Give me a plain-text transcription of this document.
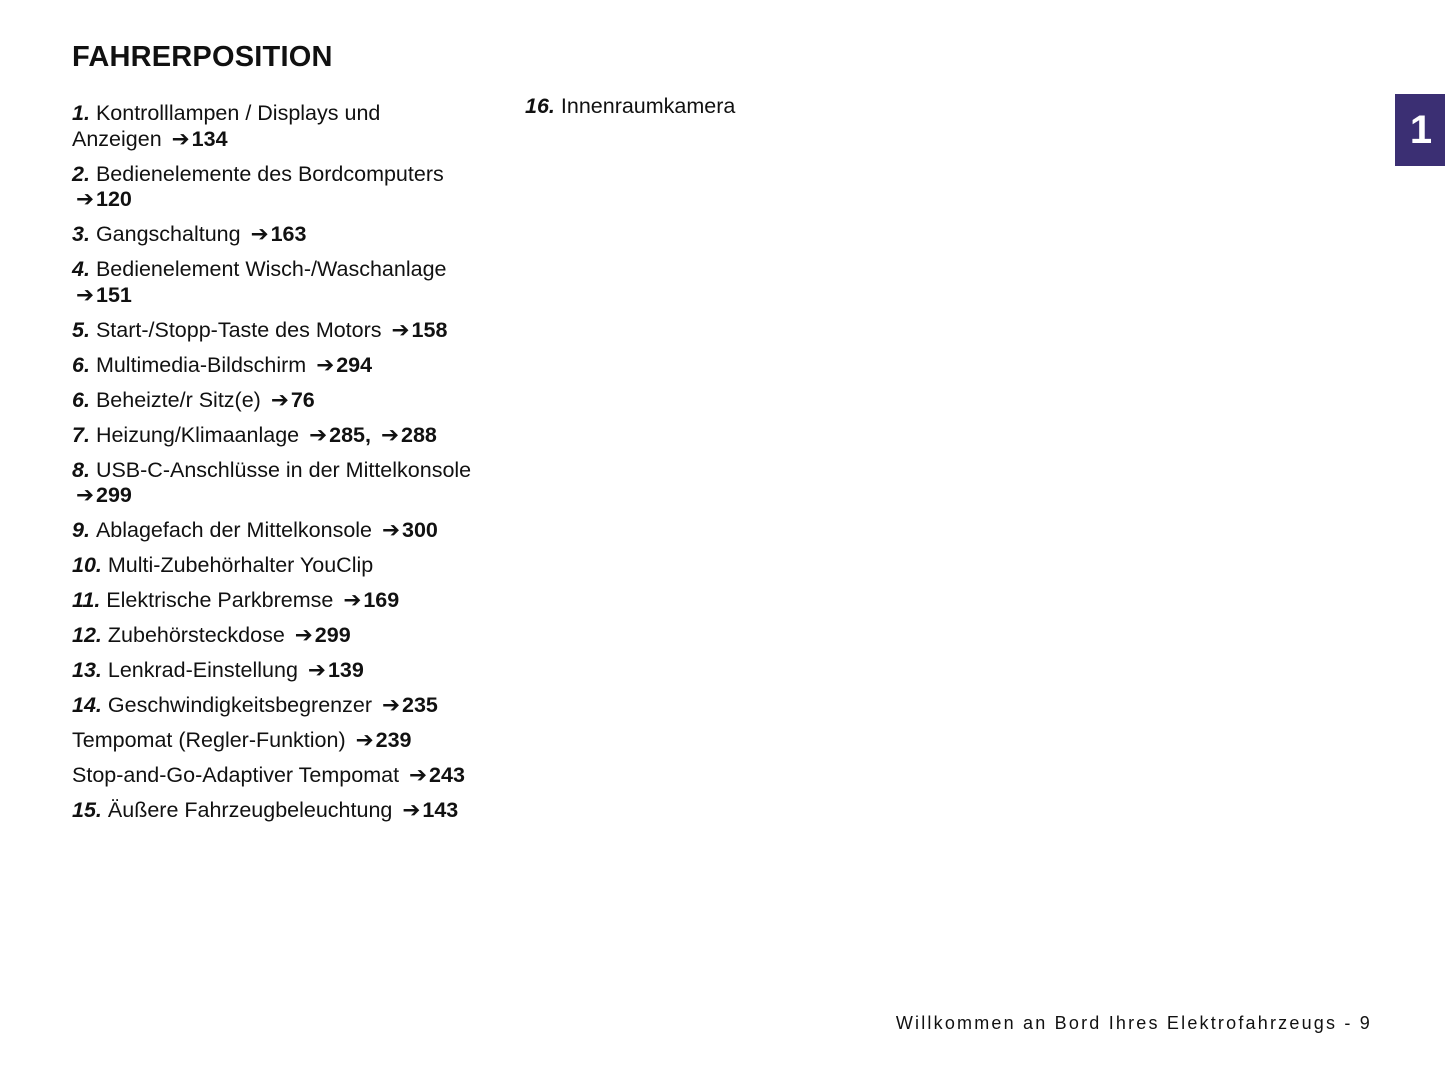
FAHRERPOSITION
1. Kontrolllampen / Displays und Anzeigen ➔134
2. Bedienelemente des Bordcomputers ➔120
3. Gangschaltung ➔163
4. Bedienelement Wisch-/Waschanlage ➔151
5. Start-/Stopp-Taste des Motors ➔158
6. Multimedia-Bildschirm ➔294
6. Beheizte/r Sitz(e) ➔76
7. Heizung/Klimaanlage ➔285, ➔288
8. USB-C-Anschlüsse in der Mittelkonsole ➔299
9. Ablagefach der Mittelkonsole ➔300
10. Multi-Zubehörhalter YouClip
11. Elektrische Parkbremse ➔169
12. Zubehörsteckdose ➔299
13. Lenkrad-Einstellung ➔139
14. Geschwindigkeitsbegrenzer ➔235
Tempomat (Regler-Funktion) ➔239
Stop-and-Go-Adaptiver Tempomat ➔243
15. Äußere Fahrzeugbeleuchtung ➔143
16. Innenraumkamera
1
Willkommen an Bord Ihres Elektrofahrzeugs - 9
